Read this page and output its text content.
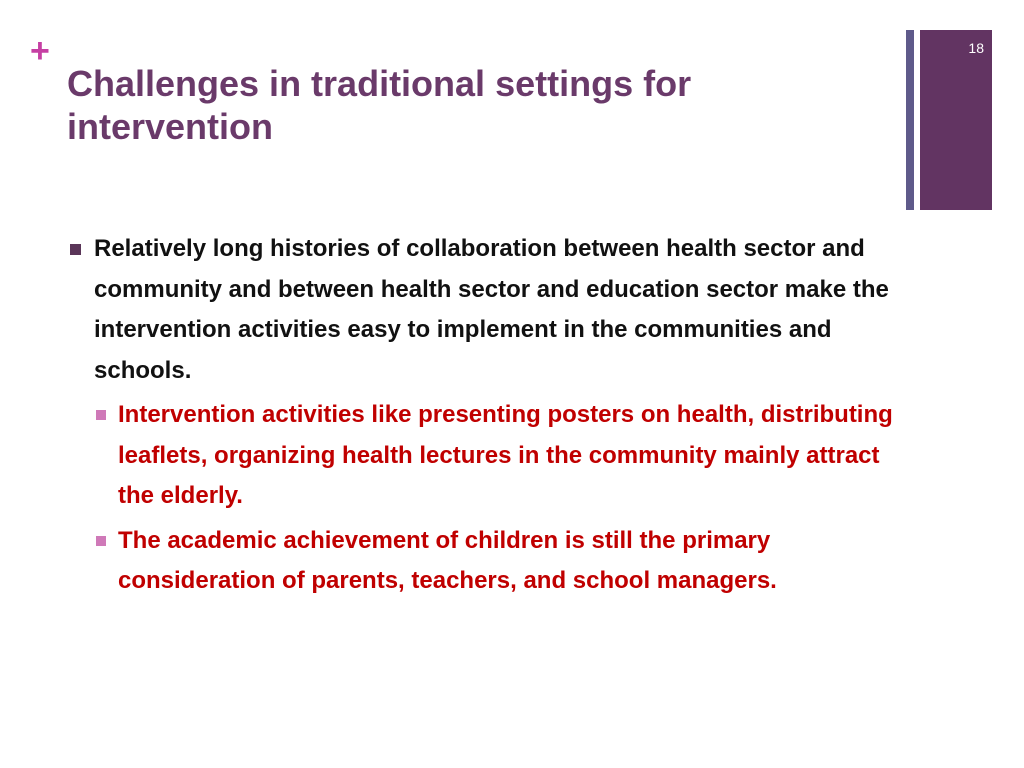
+
Challenges in traditional settings for intervention
18
Relatively long histories of collaboration between health sector and community and between health sector and education sector make the intervention activities easy to implement in the communities and schools.
Intervention activities like presenting posters on health, distributing leaflets, organizing health lectures in the community mainly attract the elderly.
The academic achievement of children is still the primary consideration of parents, teachers, and school managers.
